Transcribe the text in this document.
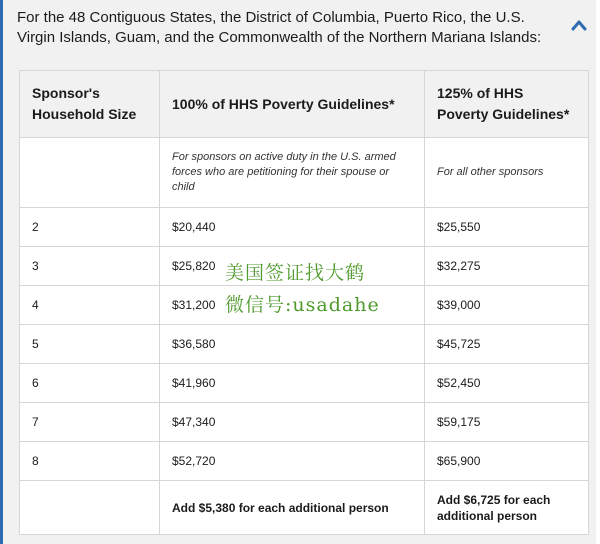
For the 48 Contiguous States, the District of Columbia, Puerto Rico, the U.S. Virgin Islands, Guam, and the Commonwealth of the Northern Mariana Islands:
Sponsor's Household Size	100% of HHS Poverty Guidelines*	125% of HHS Poverty Guidelines*
	For sponsors on active duty in the U.S. armed forces who are petitioning for their spouse or child	For all other sponsors
2	$20,440	$25,550
3	$25,820	$32,275
4	$31,200	$39,000
5	$36,580	$45,725
6	$41,960	$52,450
7	$47,340	$59,175
8	$52,720	$65,900
	Add $5,380 for each additional person	Add $6,725 for each additional person
美国签证找大鹤
微信号:usadahe
